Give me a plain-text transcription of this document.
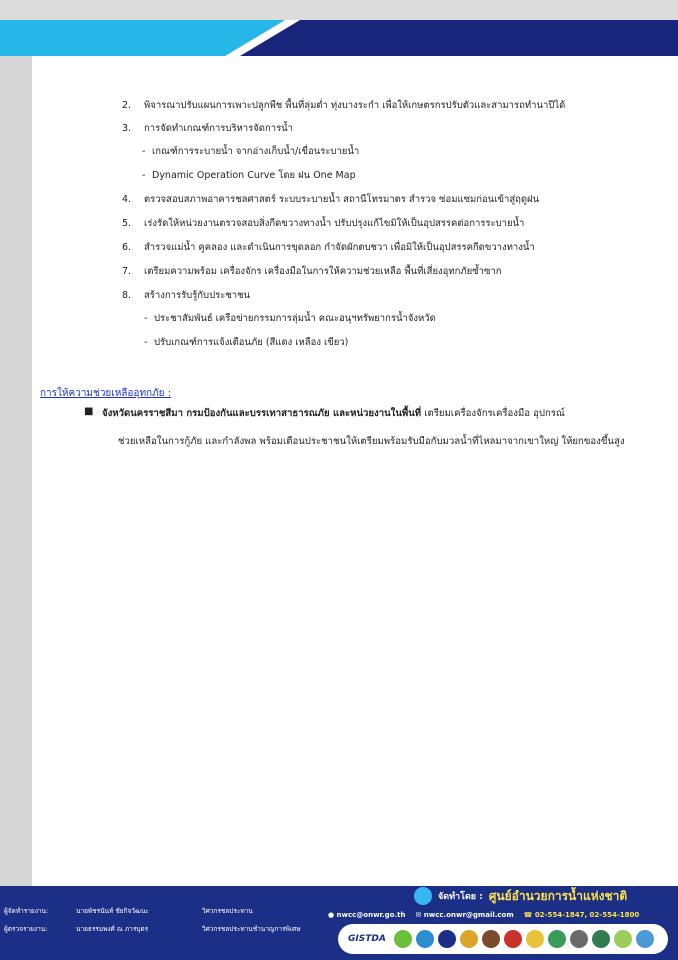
2.	พิจารณาปรับแผนการเพาะปลูกพืช พื้นที่ลุ่มต่ำ ทุ่งบางระกำ เพื่อให้เกษตรกรปรับตัวและสามารถทำนาปีได้
3.	การจัดทำเกณฑ์การบริหารจัดการน้ำ
- เกณฑ์การระบายน้ำ จากอ่างเก็บน้ำ/เขื่อนระบายน้ำ
- Dynamic Operation Curve โดย ฝน One Map
4.	ตรวจสอบสภาพอาคารชลศาสตร์ ระบบระบายน้ำ สถานีโทรมาตร สำรวจ ซ่อมแซมก่อนเข้าสู่ฤดูฝน
5.	เร่งรัดให้หน่วยงานตรวจสอบสิ่งกีดขวางทางน้ำ ปรับปรุงแก้ไขมิให้เป็นอุปสรรคต่อการระบายน้ำ
6.	สำรวจแม่น้ำ คูคลอง และดำเนินการขุดลอก กำจัดผักตบชวา เพื่อมิให้เป็นอุปสรรคกีดขวางทางน้ำ
7.	เตรียมความพร้อม เครื่องจักร เครื่องมือในการให้ความช่วยเหลือ พื้นที่เสี่ยงอุทกภัยซ้ำซาก
8.	สร้างการรับรู้กับประชาชน
- ประชาสัมพันธ์ เครือข่ายกรรมการลุ่มน้ำ คณะอนุฯทรัพยากรน้ำจังหวัด
- ปรับเกณฑ์การแจ้งเตือนภัย (สีแดง เหลือง เขียว)
การให้ความช่วยเหลืออุทกภัย :
■ จังหวัดนครราชสีมา กรมป้องกันและบรรเทาสาธารณภัย และหน่วยงานในพื้นที่ เตรียมเครื่องจักรเครื่องมือ อุปกรณ์
ช่วยเหลือในการกู้ภัย และกำลังพล พร้อมเตือนประชาชนให้เตรียมพร้อมรับมือกับมวลน้ำที่ไหลมาจากเขาใหญ่ ให้ยกของขึ้นสูง
ผู้จัดทำรายงาน:	นายพัชรนันท์ ชัยกิจวัฒนะ	วิศวกรชลประทาน
ผู้ตรวจรายงาน:	นายธรรมพงศ์ ณ ภารบุตร	วิศวกรชลประทานชำนาญการพิเศษ
จัดทำโดย : ศูนย์อำนวยการน้ำแห่งชาติ
● nwcc@onwr.go.th ✉ nwcc.onwr@gmail.com ☎ 02-554-1847, 02-554-1800
GISTDA
